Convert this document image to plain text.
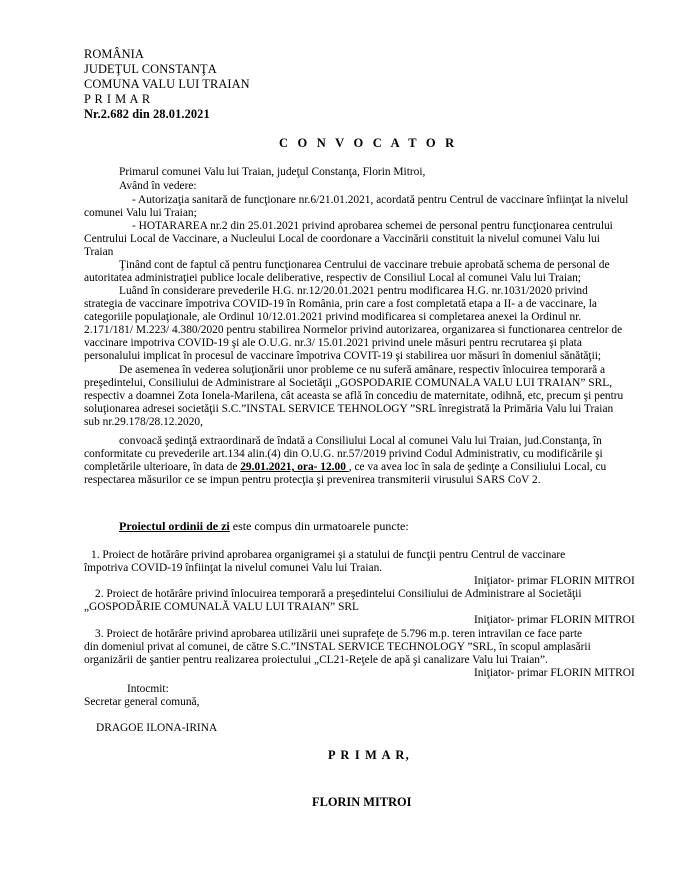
ROMÂNIA
JUDEŢUL CONSTANŢA
COMUNA VALU LUI TRAIAN
P R I M A R
Nr.2.682 din 28.01.2021
C O N V O C A T O R
Primarul comunei Valu lui Traian, judeţul Constanţa, Florin Mitroi,
Având în vedere:
- Autorizaţia sanitară de funcţionare nr.6/21.01.2021, acordată pentru Centrul de vaccinare înfiinţat la nivelul
comunei Valu lui Traian;
- HOTARAREA nr.2 din 25.01.2021 privind aprobarea schemei de personal pentru funcţionarea centrului
Centrului Local de Vaccinare, a Nucleului Local de coordonare a Vaccinării constituit la nivelul comunei Valu lui
Traian
Ţinând cont de faptul cǎ pentru funcţionarea Centrului de vaccinare trebuie aprobată schema de personal de
autoritatea administraţiei publice locale deliberative, respectiv de Consiliul Local al comunei Valu lui Traian;
Luând în considerare prevederile H.G. nr.12/20.01.2021 pentru modificarea H.G. nr.1031/2020 privind
strategia de vaccinare împotriva COVID-19 în România, prin care a fost completată etapa a II- a de vaccinare, la
categoriile populaţionale, ale Ordinul 10/12.01.2021 privind modificarea si completarea anexei la Ordinul nr.
2.171/181/ M.223/ 4.380/2020 pentru stabilirea Normelor privind autorizarea, organizarea si functionarea centrelor de
vaccinare impotriva COVID-19 şi ale O.U.G. nr.3/ 15.01.2021 privind unele măsuri pentru recrutarea şi plata
personalului implicat în procesul de vaccinare împotriva COVIT-19 şi stabilirea uor măsuri în domeniul sănătăţii;
De asemenea în vederea soluţionării unor probleme ce nu suferă amânare, respectiv înlocuirea temporară a
preşedintelui, Consiliului de Administrare al Societăţii „GOSPODARIE COMUNALA VALU LUI TRAIAN” SRL,
respectiv a doamnei Zota Ionela-Marilena, cât aceasta se află în concediu de maternitate, odihnă, etc, precum şi pentru
soluţionarea adresei societăţii S.C.”INSTAL SERVICE TEHNOLOGY ”SRL înregistrată la Primăria Valu lui Traian
sub nr.29.178/28.12.2020,
convoacă şedinţă extraordinară de îndată a Consiliului Local al comunei Valu lui Traian, jud.Constanţa, în
conformitate cu prevederile art.134 alin.(4) din O.U.G. nr.57/2019 privind Codul Administrativ, cu modificările şi
completările ulterioare, în data de 29.01.2021, ora- 12.00 , ce va avea loc în sala de şedinţe a Consiliului Local, cu
respectarea măsurilor ce se impun pentru protecţia şi prevenirea transmiterii virusului SARS CoV 2.
Proiectul ordinii de zi este compus din urmatoarele puncte:
1. Proiect de hotărâre privind aprobarea organigramei şi a statului de funcţii pentru Centrul de vaccinare
împotriva COVID-19 înfiinţat la nivelul comunei Valu lui Traian.
Iniţiator- primar FLORIN MITROI
2. Proiect de hotărâre privind înlocuirea temporară a preşedintelui Consiliului de Administrare al Societăţii
„GOSPODĂRIE COMUNALĂ VALU LUI TRAIAN” SRL
Iniţiator- primar FLORIN MITROI
3. Proiect de hotărâre privind aprobarea utilizării unei suprafeţe de 5.796 m.p. teren intravilan ce face parte
din domeniul privat al comunei, de către S.C.”INSTAL SERVICE TECHNOLOGY ”SRL, în scopul amplasării
organizării de şantier pentru realizarea proiectului „CL21-Reţele de apă şi canalizare Valu lui Traian”.
Iniţiator- primar FLORIN MITROI
Intocmit:
Secretar general comună,
DRAGOE ILONA-IRINA
P R I M A R,
FLORIN MITROI
